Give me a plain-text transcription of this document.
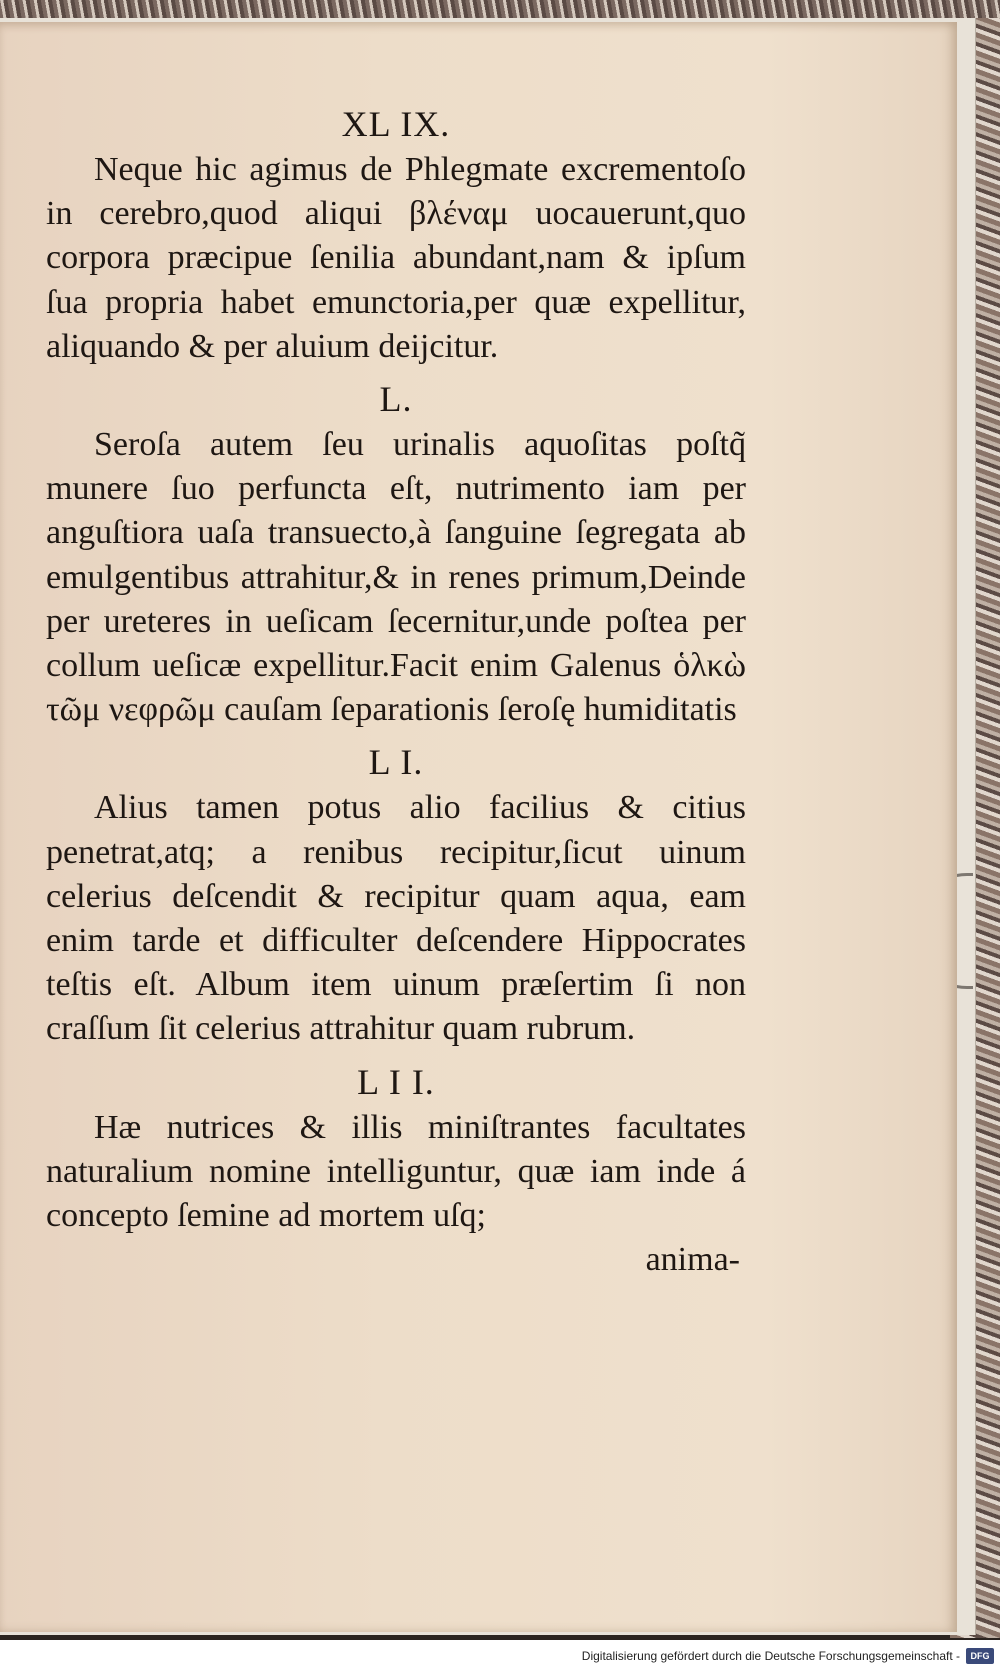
XL IX.

Neque hic agimus de Phlegmate excrementoſo in cerebro,quod aliqui βλέναμ uocauerunt,quo corpora præcipue ſenilia abundant,nam & ipſum ſua propria habet emunctoria,per quæ expellitur, aliquando & per aluium deijcitur.

L.

Seroſa autem ſeu urinalis aquoſitas poſtq̃ munere ſuo perfuncta eſt, nutrimento iam per anguſtiora uaſa transuecto,à ſanguine ſegregata ab emulgentibus attrahitur,& in renes primum,Deinde per ureteres in ueſicam ſecernitur,unde poſtea per collum ueſicæ expellitur.Facit enim Galenus ὁλκὼ τῶμ νεφρῶμ cauſam ſeparationis ſeroſę humiditatis

L I.

Alius tamen potus alio facilius & citius penetrat,atq; a renibus recipitur,ſicut uinum celerius deſcendit & recipitur quam aqua, eam enim tarde et difficulter deſcendere Hippocrates teſtis eſt. Album item uinum præſertim ſi non craſſum ſit celerius attrahitur quam rubrum.

L I I.

Hæ nutrices & illis miniſtrantes facultates naturalium nomine intelliguntur, quæ iam inde á concepto ſemine ad mortem uſq;

anima-

Digitalisierung gefördert durch die Deutsche Forschungsgemeinschaft -	DFG
